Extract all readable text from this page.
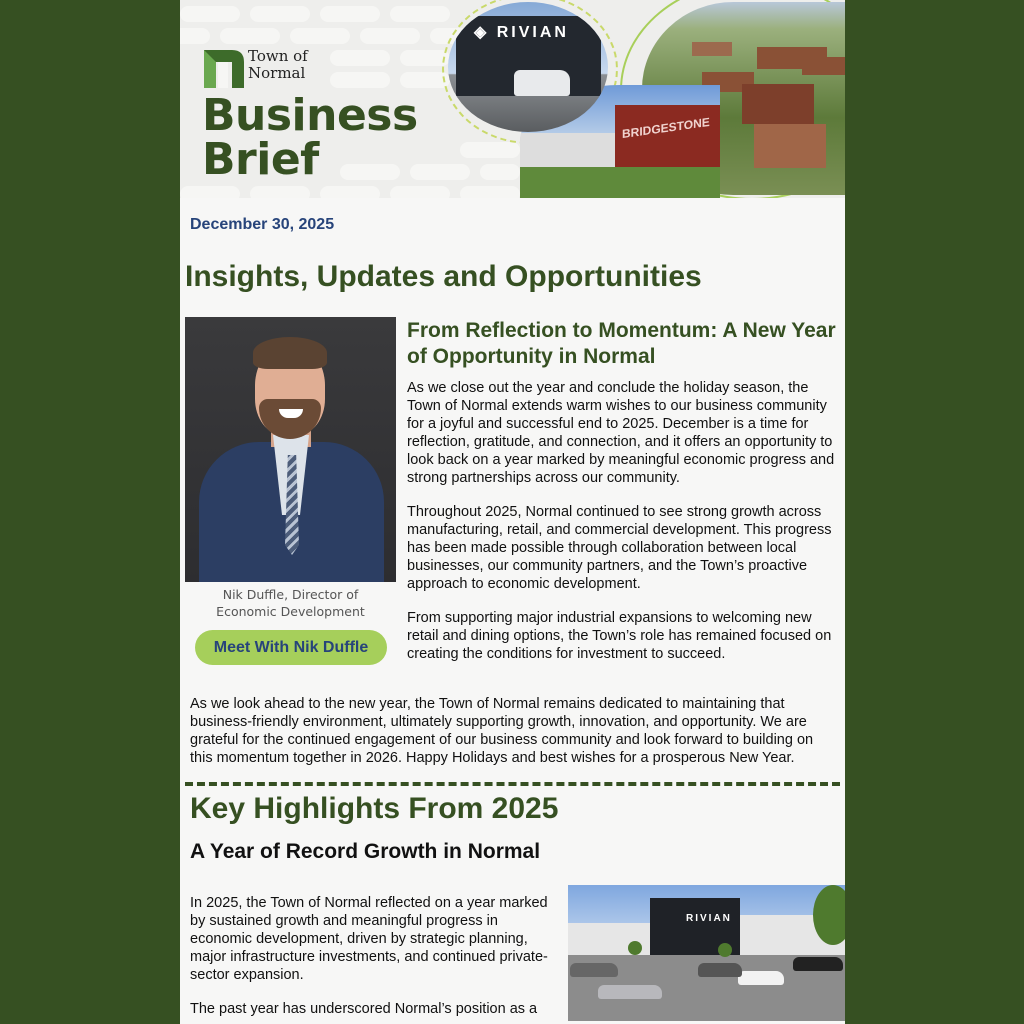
Town of
Normal
Business
Brief
BRIDGESTONE
◈ RIVIAN
December 30, 2025
Insights, Updates and Opportunities
Nik Duffle, Director of
Economic Development
Meet With Nik Duffle
From Reflection to Momentum: A New Year of Opportunity in Normal

As we close out the year and conclude the holiday season, the Town of Normal extends warm wishes to our business community for a joyful and successful end to 2025. December is a time for reflection, gratitude, and connection, and it offers an opportunity to look back on a year marked by meaningful economic progress and strong partnerships across our community.

Throughout 2025, Normal continued to see strong growth across manufacturing, retail, and commercial development. This progress has been made possible through collaboration between local businesses, our community partners, and the Town’s proactive approach to economic development.

From supporting major industrial expansions to welcoming new retail and dining options, the Town’s role has remained focused on creating the conditions for investment to succeed.

As we look ahead to the new year, the Town of Normal remains dedicated to maintaining that business-friendly environment, ultimately supporting growth, innovation, and opportunity. We are grateful for the continued engagement of our business community and look forward to building on this momentum together in 2026. Happy Holidays and best wishes for a prosperous New Year.

Key Highlights From 2025
A Year of Record Growth in Normal

In 2025, the Town of Normal reflected on a year marked by sustained growth and meaningful progress in economic development, driven by strategic planning, major infrastructure investments, and continued private-sector expansion.

The past year has underscored Normal’s position as a

RIVIAN
